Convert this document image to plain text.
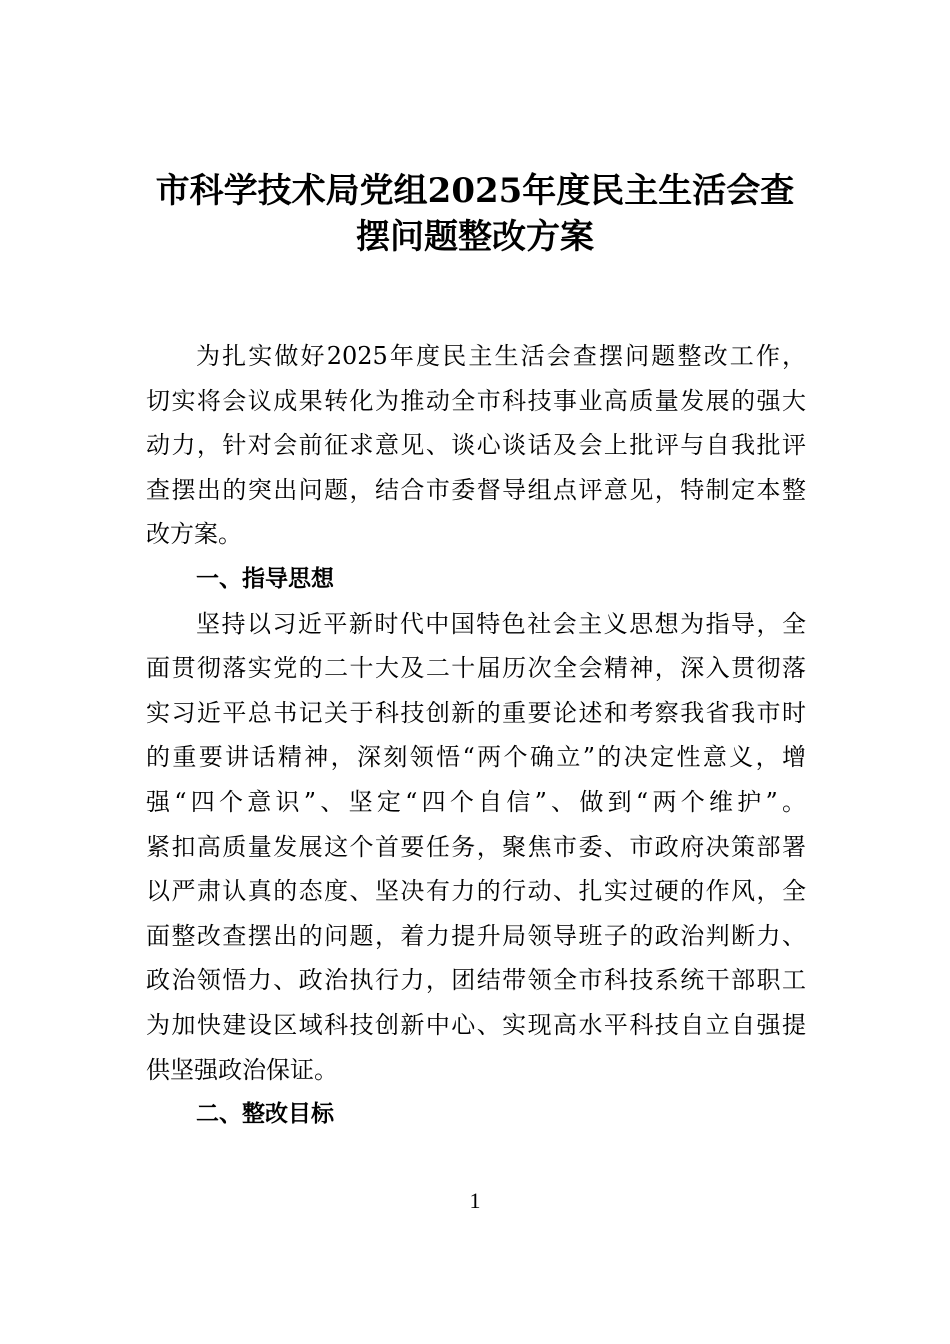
市科学技术局党组2025年度民主生活会查
摆问题整改方案
为扎实做好2025年度民主生活会查摆问题整改工作，
切实将会议成果转化为推动全市科技事业高质量发展的强大
动力，针对会前征求意见、谈心谈话及会上批评与自我批评
查摆出的突出问题，结合市委督导组点评意见，特制定本整
改方案。
一、指导思想
坚持以习近平新时代中国特色社会主义思想为指导，全
面贯彻落实党的二十大及二十届历次全会精神，深入贯彻落
实习近平总书记关于科技创新的重要论述和考察我省我市时
的重要讲话精神，深刻领悟“两个确立”的决定性意义，增
强“四个意识”、坚定“四个自信”、做到“两个维护”。
紧扣高质量发展这个首要任务，聚焦市委、市政府决策部署
以严肃认真的态度、坚决有力的行动、扎实过硬的作风，全
面整改查摆出的问题，着力提升局领导班子的政治判断力、
政治领悟力、政治执行力，团结带领全市科技系统干部职工
为加快建设区域科技创新中心、实现高水平科技自立自强提
供坚强政治保证。
二、整改目标
1
